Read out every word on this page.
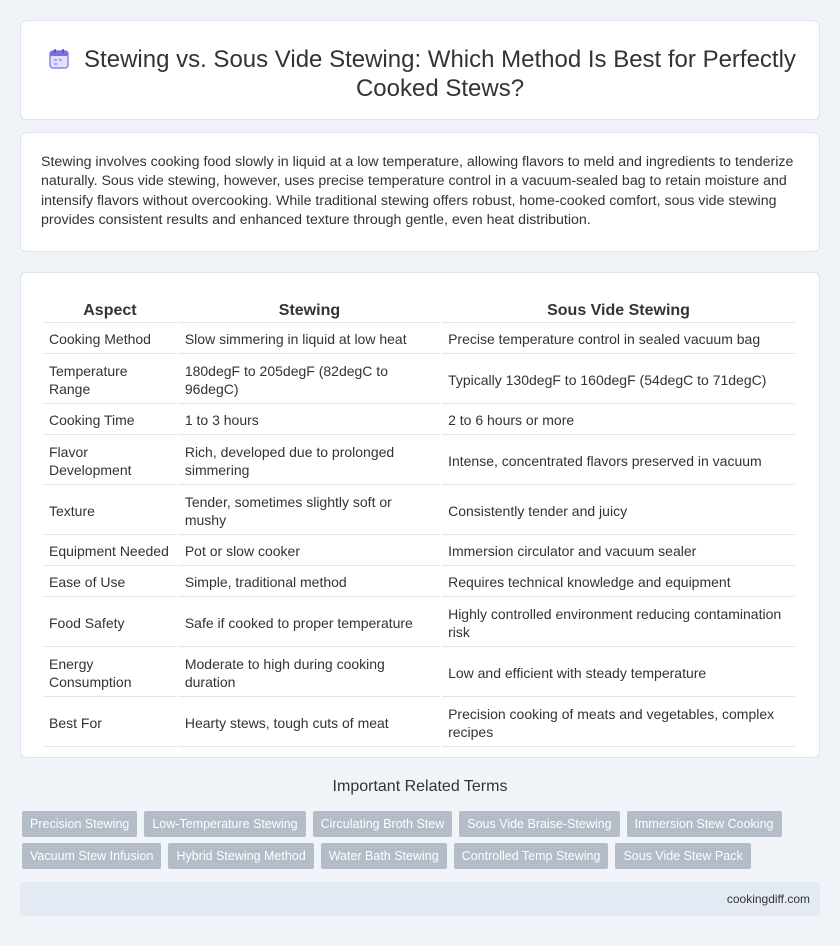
Stewing vs. Sous Vide Stewing: Which Method Is Best for Perfectly Cooked Stews?

Stewing involves cooking food slowly in liquid at a low temperature, allowing flavors to meld and ingredients to tenderize naturally. Sous vide stewing, however, uses precise temperature control in a vacuum-sealed bag to retain moisture and intensify flavors without overcooking. While traditional stewing offers robust, home-cooked comfort, sous vide stewing provides consistent results and enhanced texture through gentle, even heat distribution.

Aspect	Stewing	Sous Vide Stewing
Cooking Method	Slow simmering in liquid at low heat	Precise temperature control in sealed vacuum bag
Temperature Range	180degF to 205degF (82degC to 96degC)	Typically 130degF to 160degF (54degC to 71degC)
Cooking Time	1 to 3 hours	2 to 6 hours or more
Flavor Development	Rich, developed due to prolonged simmering	Intense, concentrated flavors preserved in vacuum
Texture	Tender, sometimes slightly soft or mushy	Consistently tender and juicy
Equipment Needed	Pot or slow cooker	Immersion circulator and vacuum sealer
Ease of Use	Simple, traditional method	Requires technical knowledge and equipment
Food Safety	Safe if cooked to proper temperature	Highly controlled environment reducing contamination risk
Energy Consumption	Moderate to high during cooking duration	Low and efficient with steady temperature
Best For	Hearty stews, tough cuts of meat	Precision cooking of meats and vegetables, complex recipes
Important Related Terms
Precision Stewing	Low-Temperature Stewing	Circulating Broth Stew	Sous Vide Braise-Stewing	Immersion Stew Cooking
Vacuum Stew Infusion	Hybrid Stewing Method	Water Bath Stewing	Controlled Temp Stewing	Sous Vide Stew Pack
cookingdiff.com
